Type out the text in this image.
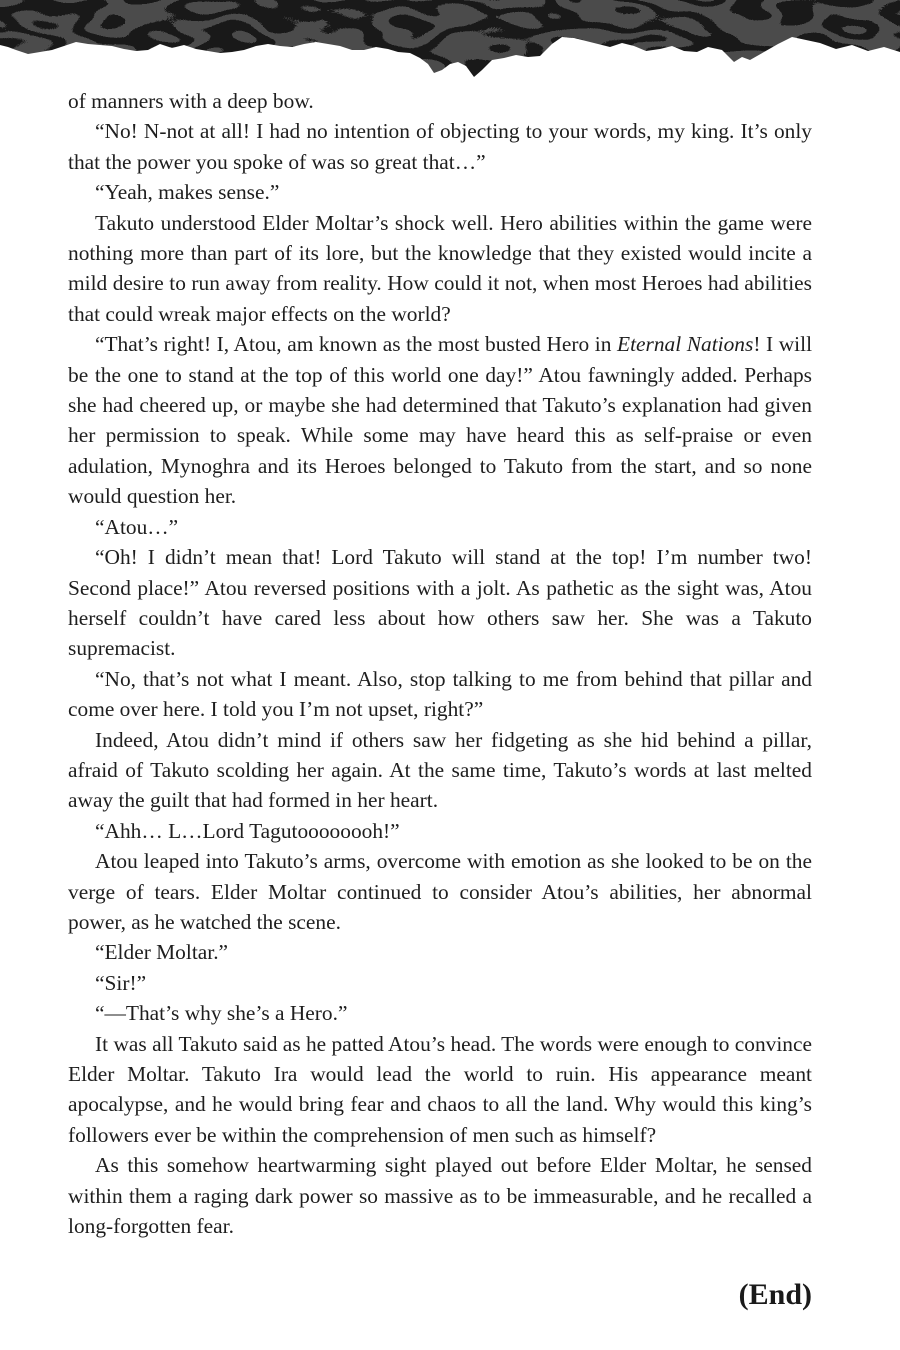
of manners with a deep bow.

“No! N-not at all! I had no intention of objecting to your words, my king. It’s only that the power you spoke of was so great that…”

“Yeah, makes sense.”

Takuto understood Elder Moltar’s shock well. Hero abilities within the game were nothing more than part of its lore, but the knowledge that they existed would incite a mild desire to run away from reality. How could it not, when most Heroes had abilities that could wreak major effects on the world?

“That’s right! I, Atou, am known as the most busted Hero in Eternal Nations! I will be the one to stand at the top of this world one day!” Atou fawningly added. Perhaps she had cheered up, or maybe she had determined that Takuto’s explanation had given her permission to speak. While some may have heard this as self-praise or even adulation, Mynoghra and its Heroes belonged to Takuto from the start, and so none would question her.

“Atou…”

“Oh! I didn’t mean that! Lord Takuto will stand at the top! I’m number two! Second place!” Atou reversed positions with a jolt. As pathetic as the sight was, Atou herself couldn’t have cared less about how others saw her. She was a Takuto supremacist.

“No, that’s not what I meant. Also, stop talking to me from behind that pillar and come over here. I told you I’m not upset, right?”

Indeed, Atou didn’t mind if others saw her fidgeting as she hid behind a pillar, afraid of Takuto scolding her again. At the same time, Takuto’s words at last melted away the guilt that had formed in her heart.

“Ahh… L…Lord Tagutoooooooh!”

Atou leaped into Takuto’s arms, overcome with emotion as she looked to be on the verge of tears. Elder Moltar continued to consider Atou’s abilities, her abnormal power, as he watched the scene.

“Elder Moltar.”

“Sir!”

“—That’s why she’s a Hero.”

It was all Takuto said as he patted Atou’s head. The words were enough to convince Elder Moltar. Takuto Ira would lead the world to ruin. His appearance meant apocalypse, and he would bring fear and chaos to all the land. Why would this king’s followers ever be within the comprehension of men such as himself?

As this somehow heartwarming sight played out before Elder Moltar, he sensed within them a raging dark power so massive as to be immeasurable, and he recalled a long-forgotten fear.

(End)
